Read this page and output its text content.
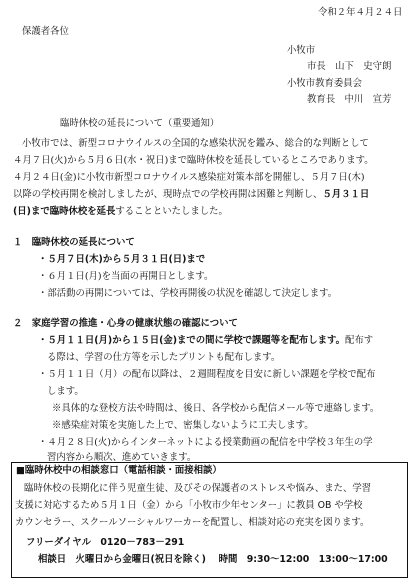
令和２年４月２４日
保護者各位
小牧市
市長　山下　史守朗
小牧市教育委員会
教育長　中川　宣芳
臨時休校の延長について（重要通知）
小牧市では、新型コロナウイルスの全国的な感染状況を鑑み、総合的な判断として
４月７日(火)から５月６日(水・祝日)まで臨時休校を延長しているところであります。
４月２４日(金)に小牧市新型コロナウイルス感染症対策本部を開催し、５月７日(木)
以降の学校再開を検討しましたが、現時点での学校再開は困難と判断し、５月３１日
(日)まで臨時休校を延長することといたしました。
１　臨時休校の延長について
・５月７日(木)から５月３１日(日)まで
・６月１日(月)を当面の再開日とします。
・部活動の再開については、学校再開後の状況を確認して決定します。
２　家庭学習の推進・心身の健康状態の確認について
・５月１１日(月)から１５日(金)までの間に学校で課題等を配布します。配布す
る際は、学習の仕方等を示したプリントも配布します。
・５月１１日（月）の配布以降は、２週間程度を目安に新しい課題を学校で配布
します。
※具体的な登校方法や時間は、後日、各学校から配信メール等で連絡します。
※感染症対策を実施した上で、密集しないように工夫します。
・４月２８日(火)からインターネットによる授業動画の配信を中学校３年生の学
習内容から順次、進めていきます。
■臨時休校中の相談窓口（電話相談・面接相談）
臨時休校の長期化に伴う児童生徒、及びその保護者のストレスや悩み、また、学習
支援に対応するため５月１日（金）から「小牧市少年センター」に教員 OB や学校
カウンセラー、スクールソーシャルワーカーを配置し、相談対応の充実を図ります。
フリーダイヤル　0120－783－291
相談日　火曜日から金曜日(祝日を除く)　 時間　9:30～12:00　13:00～17:00
